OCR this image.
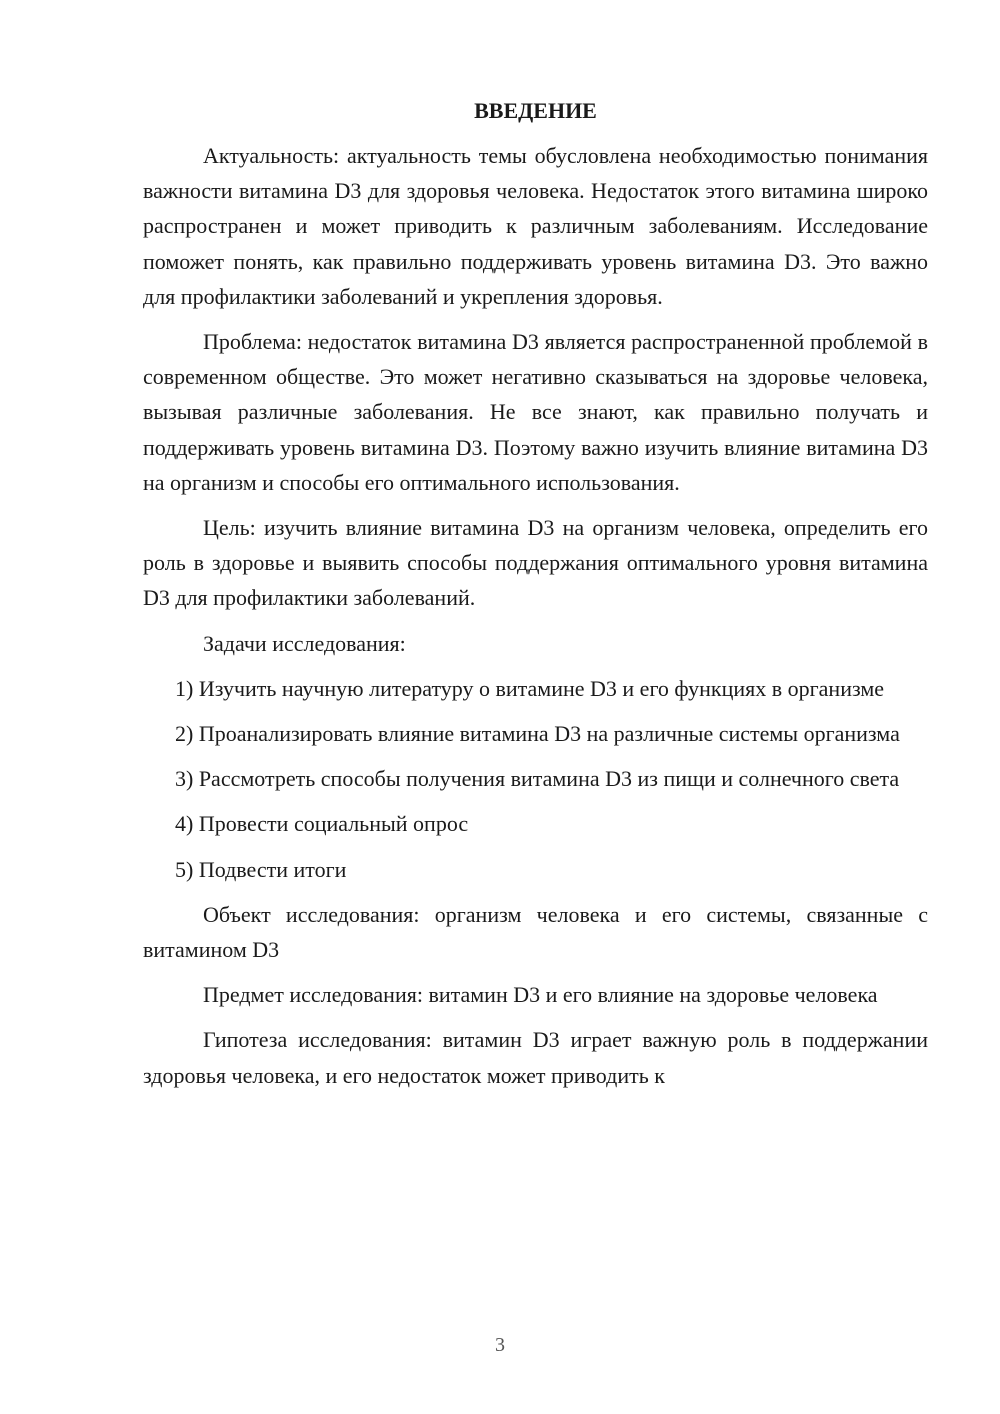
ВВЕДЕНИЕ

Актуальность: актуальность темы обусловлена необходимостью понимания важности витамина D3 для здоровья человека. Недостаток этого витамина широко распространен и может приводить к различным заболеваниям. Исследование поможет понять, как правильно поддерживать уровень витамина D3. Это важно для профилактики заболеваний и укрепления здоровья.

Проблема: недостаток витамина D3 является распространенной проблемой в современном обществе. Это может негативно сказываться на здоровье человека, вызывая различные заболевания. Не все знают, как правильно получать и поддерживать уровень витамина D3. Поэтому важно изучить влияние витамина D3 на организм и способы его оптимального использования.

Цель: изучить влияние витамина D3 на организм человека, определить его роль в здоровье и выявить способы поддержания оптимального уровня витамина D3 для профилактики заболеваний.

Задачи исследования:

1) Изучить научную литературу о витамине D3 и его функциях в организме

2) Проанализировать влияние витамина D3 на различные системы организма

3) Рассмотреть способы получения витамина D3 из пищи и солнечного света

4) Провести социальный опрос

5) Подвести итоги

Объект исследования: организм человека и его системы, связанные с витамином D3

Предмет исследования: витамин D3 и его влияние на здоровье человека

Гипотеза исследования: витамин D3 играет важную роль в поддержании здоровья человека, и его недостаток может приводить к

3
